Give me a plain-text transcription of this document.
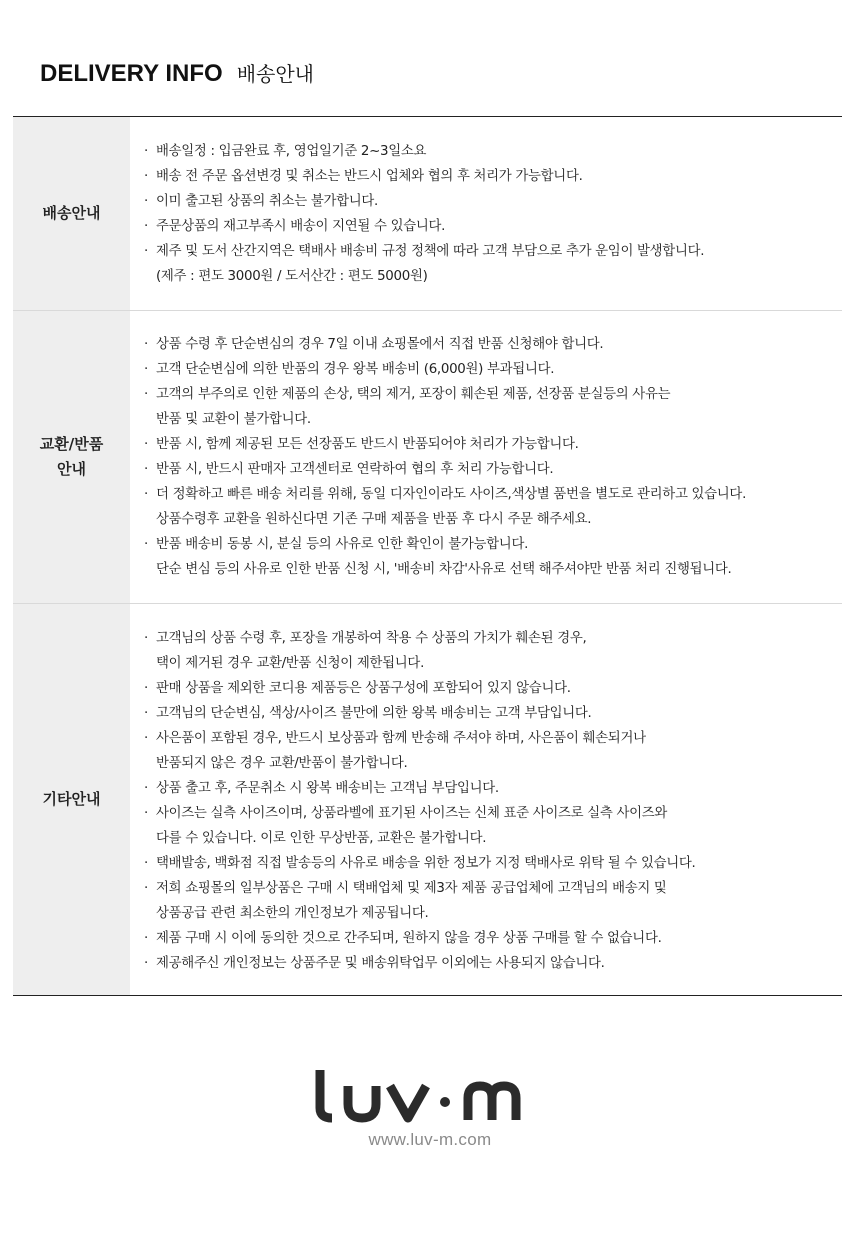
DELIVERY INFO 배송안내
배송안내
· 배송일정 : 입금완료 후, 영업일기준 2~3일소요
· 배송 전 주문 옵션변경 및 취소는 반드시 업체와 협의 후 처리가 가능합니다.
· 이미 출고된 상품의 취소는 불가합니다.
· 주문상품의 재고부족시 배송이 지연될 수 있습니다.
· 제주 및 도서 산간지역은 택배사 배송비 규정 정책에 따라 고객 부담으로 추가 운임이 발생합니다.
(제주 : 편도 3000원 / 도서산간 : 편도 5000원)
교환/반품
안내
· 상품 수령 후 단순변심의 경우 7일 이내 쇼핑몰에서 직접 반품 신청해야 합니다.
· 고객 단순변심에 의한 반품의 경우 왕복 배송비 (6,000원) 부과됩니다.
· 고객의 부주의로 인한 제품의 손상, 택의 제거, 포장이 훼손된 제품, 선장품 분실등의 사유는
반품 및 교환이 불가합니다.
· 반품 시, 함께 제공된 모든 선장품도 반드시 반품되어야 처리가 가능합니다.
· 반품 시, 반드시 판매자 고객센터로 연락하여 협의 후 처리 가능합니다.
· 더 정확하고 빠른 배송 처리를 위해, 동일 디자인이라도 사이즈,색상별 품번을 별도로 관리하고 있습니다.
상품수령후 교환을 원하신다면 기존 구매 제품을 반품 후 다시 주문 해주세요.
· 반품 배송비 동봉 시, 분실 등의 사유로 인한 확인이 불가능합니다.
단순 변심 등의 사유로 인한 반품 신청 시, '배송비 차감'사유로 선택 해주셔야만 반품 처리 진행됩니다.
기타안내
· 고객님의 상품 수령 후, 포장을 개봉하여 착용 수 상품의 가치가 훼손된 경우,
택이 제거된 경우 교환/반품 신청이 제한됩니다.
· 판매 상품을 제외한 코디용 제품등은 상품구성에 포함되어 있지 않습니다.
· 고객님의 단순변심, 색상/사이즈 불만에 의한 왕복 배송비는 고객 부담입니다.
· 사은품이 포함된 경우, 반드시 보상품과 함께 반송해 주셔야 하며, 사은품이 훼손되거나
반품되지 않은 경우 교환/반품이 불가합니다.
· 상품 출고 후, 주문취소 시 왕복 배송비는 고객님 부담입니다.
· 사이즈는 실측 사이즈이며, 상품라벨에 표기된 사이즈는 신체 표준 사이즈로 실측 사이즈와
다를 수 있습니다. 이로 인한 무상반품, 교환은 불가합니다.
· 택배발송, 백화점 직접 발송등의 사유로 배송을 위한 정보가 지정 택배사로 위탁 될 수 있습니다.
· 저희 쇼핑몰의 일부상품은 구매 시 택배업체 및 제3자 제품 공급업체에 고객님의 배송지 및
상품공급 관련 최소한의 개인정보가 제공됩니다.
· 제품 구매 시 이에 동의한 것으로 간주되며, 원하지 않을 경우 상품 구매를 할 수 없습니다.
· 제공해주신 개인정보는 상품주문 및 배송위탁업무 이외에는 사용되지 않습니다.
www.luv-m.com
